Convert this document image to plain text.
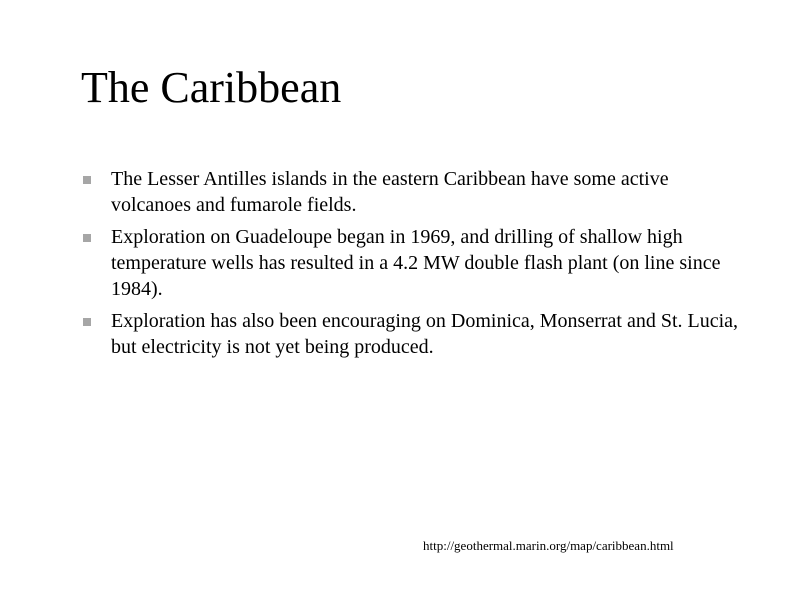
The Caribbean
The Lesser Antilles islands in the eastern Caribbean have some active volcanoes and fumarole fields.
Exploration on Guadeloupe began in 1969, and drilling of shallow high temperature wells has resulted in a 4.2 MW double flash plant (on line since 1984).
Exploration has also been encouraging on Dominica, Monserrat and St. Lucia, but electricity is not yet being produced.
http://geothermal.marin.org/map/caribbean.html
